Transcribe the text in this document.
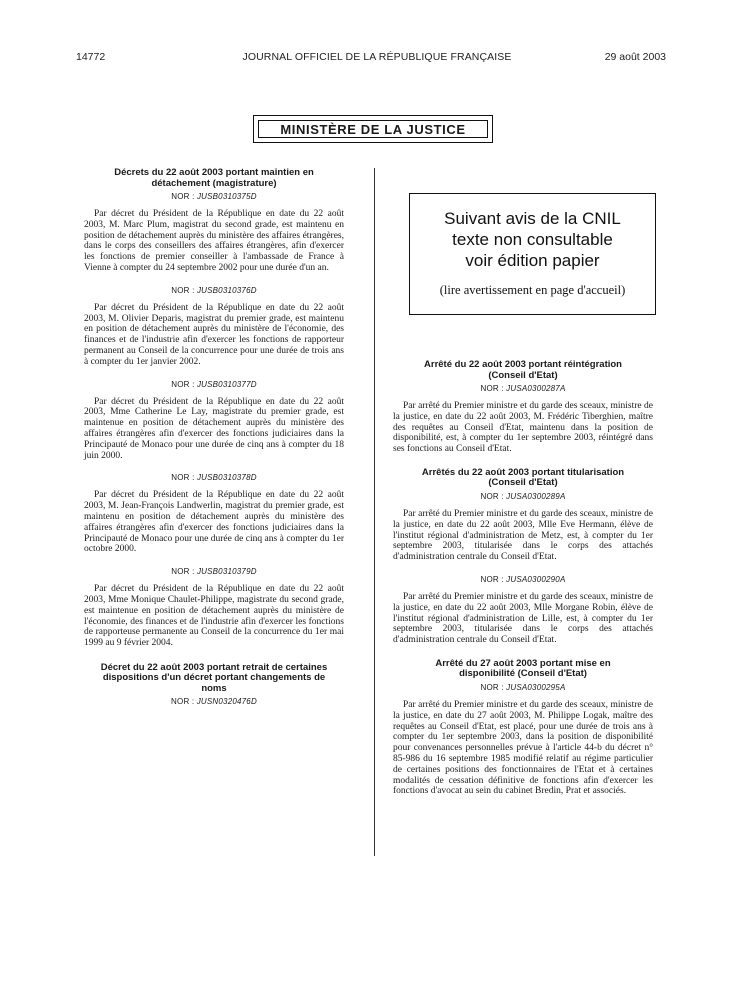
14772	JOURNAL OFFICIEL DE LA RÉPUBLIQUE FRANÇAISE	29 août 2003
MINISTÈRE DE LA JUSTICE
Décrets du 22 août 2003 portant maintien en détachement (magistrature)
NOR : JUSB0310375D

Par décret du Président de la République en date du 22 août 2003, M. Marc Plum, magistrat du second grade, est maintenu en position de détachement auprès du ministère des affaires étrangères, dans le corps des conseillers des affaires étrangères, afin d'exercer les fonctions de premier conseiller à l'ambassade de France à Vienne à compter du 24 septembre 2002 pour une durée d'un an.

NOR : JUSB0310376D

Par décret du Président de la République en date du 22 août 2003, M. Olivier Deparis, magistrat du premier grade, est maintenu en position de détachement auprès du ministère de l'économie, des finances et de l'industrie afin d'exercer les fonctions de rapporteur permanent au Conseil de la concurrence pour une durée de trois ans à compter du 1er janvier 2002.

NOR : JUSB0310377D

Par décret du Président de la République en date du 22 août 2003, Mme Catherine Le Lay, magistrate du premier grade, est maintenue en position de détachement auprès du ministère des affaires étrangères afin d'exercer des fonctions judiciaires dans la Principauté de Monaco pour une durée de cinq ans à compter du 18 juin 2000.

NOR : JUSB0310378D

Par décret du Président de la République en date du 22 août 2003, M. Jean-François Landwerlin, magistrat du premier grade, est maintenu en position de détachement auprès du ministère des affaires étrangères afin d'exercer des fonctions judiciaires dans la Principauté de Monaco pour une durée de cinq ans à compter du 1er octobre 2000.

NOR : JUSB0310379D

Par décret du Président de la République en date du 22 août 2003, Mme Monique Chaulet-Philippe, magistrate du second grade, est maintenue en position de détachement auprès du ministère de l'économie, des finances et de l'industrie afin d'exercer les fonctions de rapporteuse permanente au Conseil de la concurrence du 1er mai 1999 au 9 février 2004.

Décret du 22 août 2003 portant retrait de certaines dispositions d'un décret portant changements de noms
NOR : JUSN0320476D
Suivant avis de la CNIL
texte non consultable
voir édition papier
(lire avertissement en page d'accueil)
Arrêté du 22 août 2003 portant réintégration (Conseil d'Etat)
NOR : JUSA0300287A

Par arrêté du Premier ministre et du garde des sceaux, ministre de la justice, en date du 22 août 2003, M. Frédéric Tiberghien, maître des requêtes au Conseil d'Etat, maintenu dans la position de disponibilité, est, à compter du 1er septembre 2003, réintégré dans ses fonctions au Conseil d'Etat.

Arrêtés du 22 août 2003 portant titularisation (Conseil d'Etat)
NOR : JUSA0300289A

Par arrêté du Premier ministre et du garde des sceaux, ministre de la justice, en date du 22 août 2003, Mlle Eve Hermann, élève de l'institut régional d'administration de Metz, est, à compter du 1er septembre 2003, titularisée dans le corps des attachés d'administration centrale du Conseil d'Etat.

NOR : JUSA0300290A

Par arrêté du Premier ministre et du garde des sceaux, ministre de la justice, en date du 22 août 2003, Mlle Morgane Robin, élève de l'institut régional d'administration de Lille, est, à compter du 1er septembre 2003, titularisée dans le corps des attachés d'administration centrale du Conseil d'Etat.

Arrêté du 27 août 2003 portant mise en disponibilité (Conseil d'Etat)
NOR : JUSA0300295A

Par arrêté du Premier ministre et du garde des sceaux, ministre de la justice, en date du 27 août 2003, M. Philippe Logak, maître des requêtes au Conseil d'Etat, est placé, pour une durée de trois ans à compter du 1er septembre 2003, dans la position de disponibilité pour convenances personnelles prévue à l'article 44-b du décret n° 85-986 du 16 septembre 1985 modifié relatif au régime particulier de certaines positions des fonctionnaires de l'Etat et à certaines modalités de cessation définitive de fonctions afin d'exercer les fonctions d'avocat au sein du cabinet Bredin, Prat et associés.
